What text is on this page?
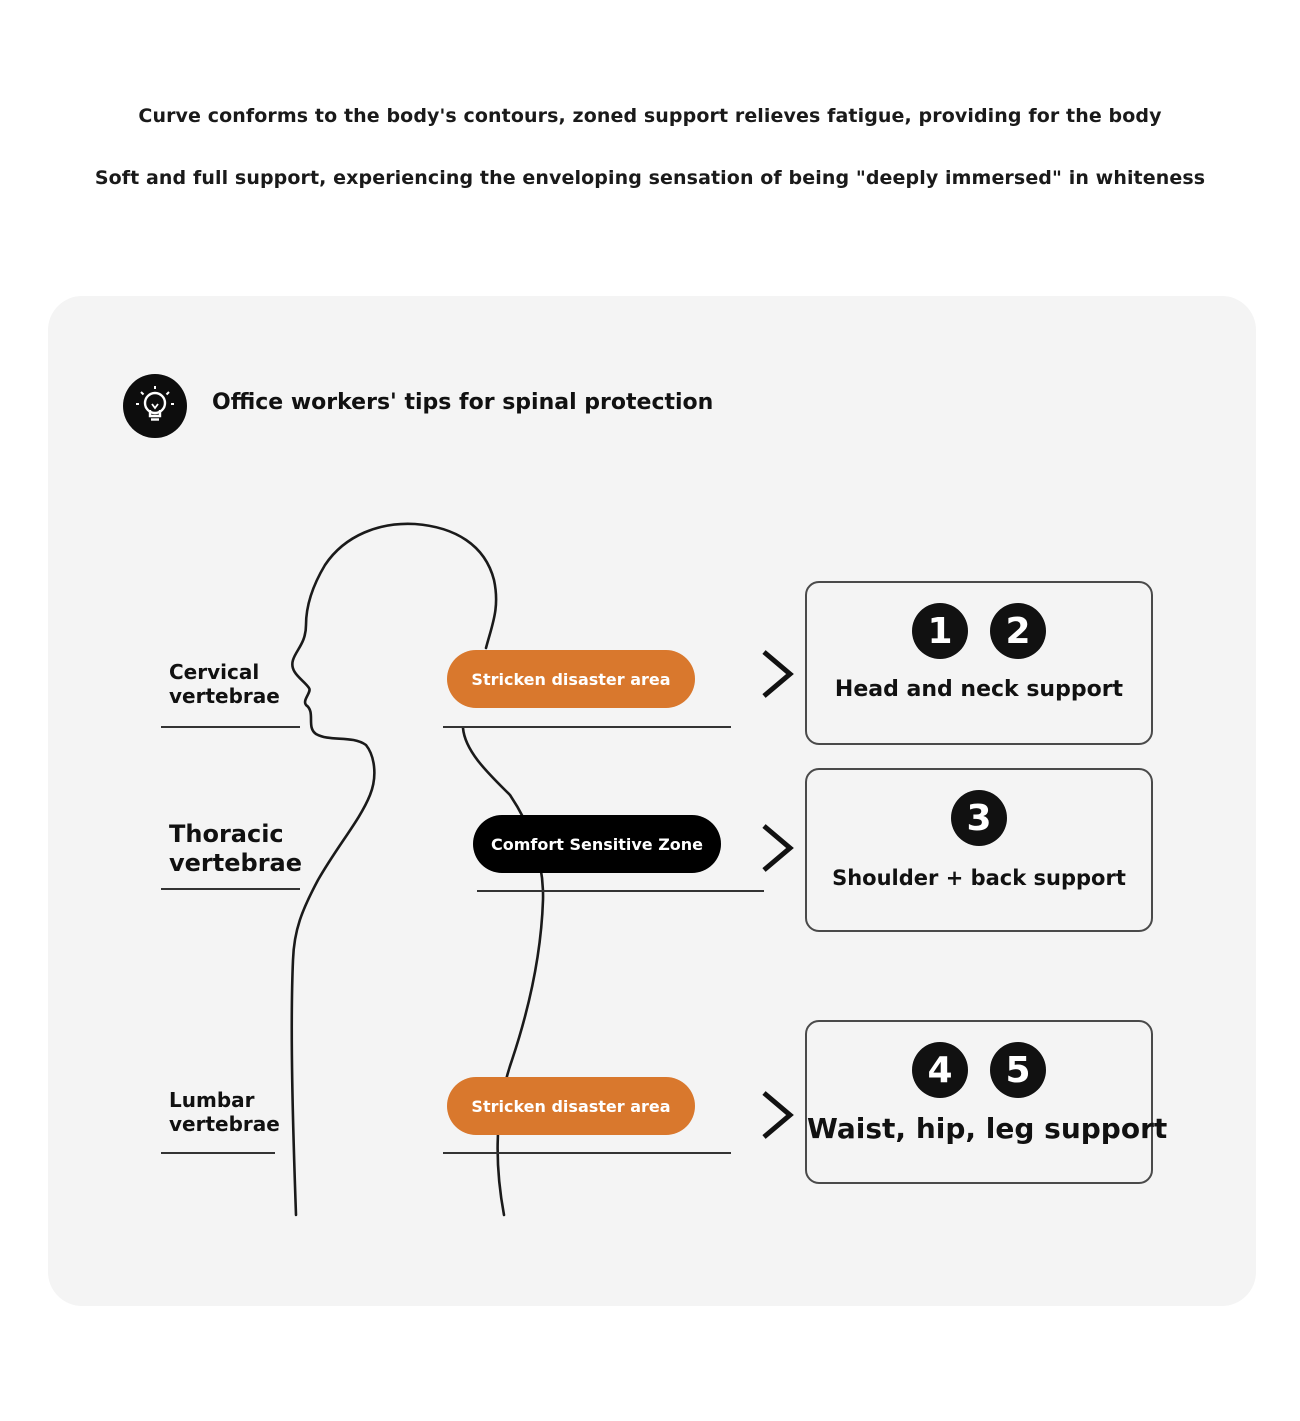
Curve conforms to the body's contours, zoned support relieves fatigue, providing for the body
Soft and full support, experiencing the enveloping sensation of being "deeply immersed" in whiteness
Office workers' tips for spinal protection
Cervical
vertebrae
Thoracic
vertebrae
Lumbar
vertebrae
Stricken disaster area
Comfort Sensitive Zone
Stricken disaster area
1	2
Head and neck support
3
Shoulder + back support
4	5
Waist, hip, leg support
